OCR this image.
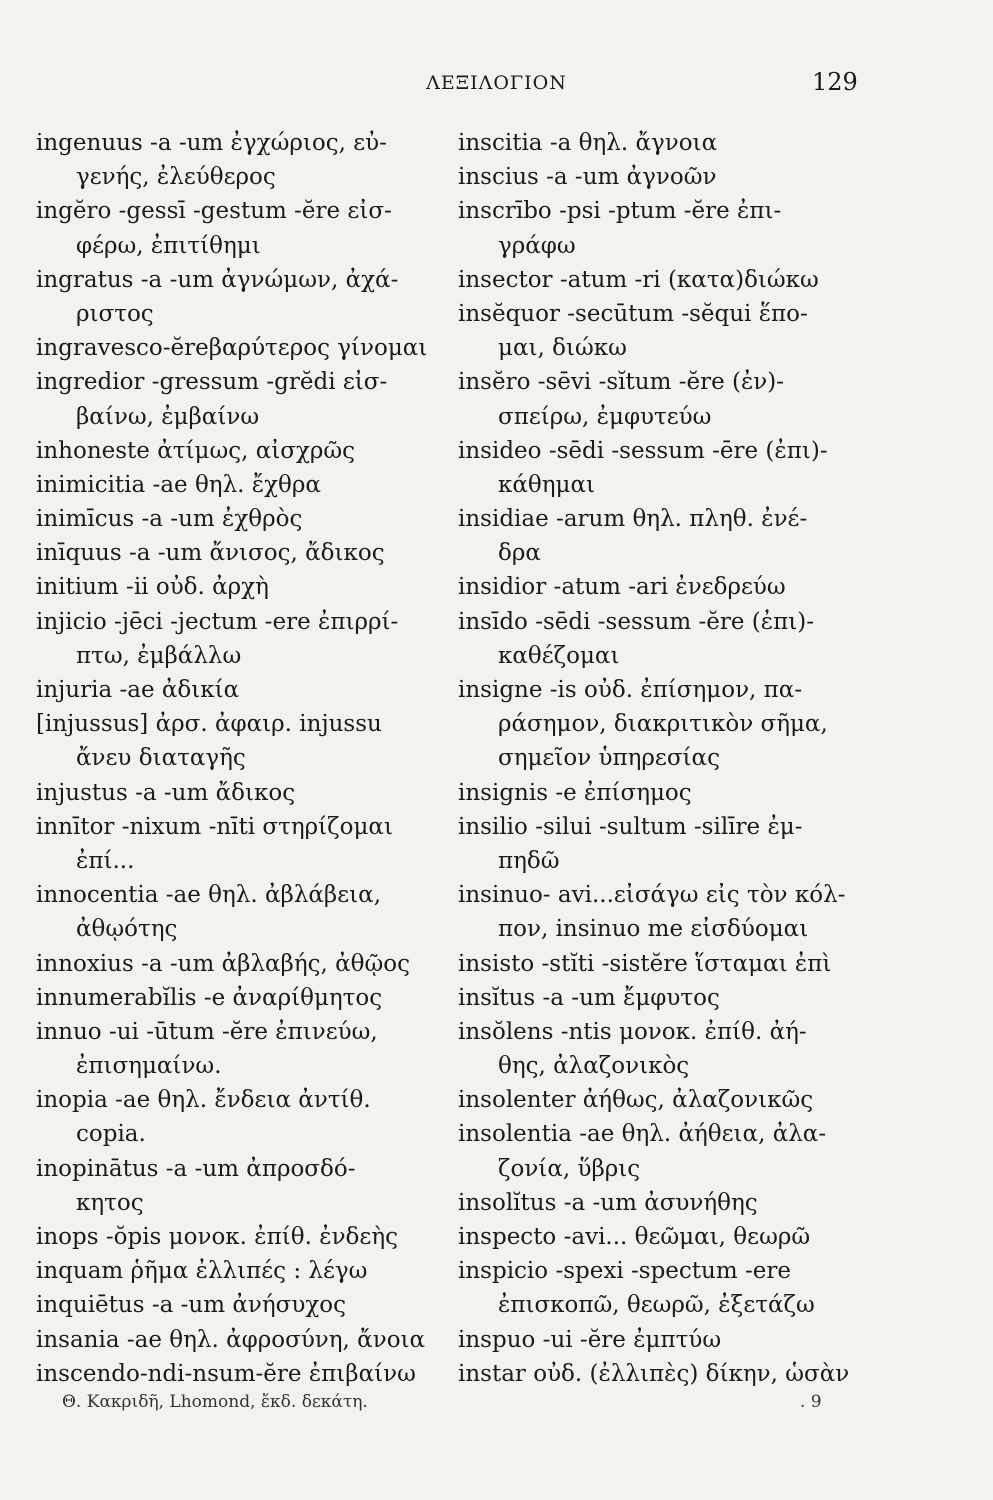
ΛΕΞΙΛΟΓΙΟΝ	129
ingenuus -a -um ἐγχώριος, εὐ-
γενής, ἐλεύθερος
ingĕro -gessī -gestum -ĕre εἰσ-
φέρω, ἐπιτίθημι
ingratus -a -um ἀγνώμων, ἀχά-
ριστος
ingravesco-ĕreβαρύτερος γίνομαι
ingredior -gressum -grĕdi εἰσ-
βαίνω, ἐμβαίνω
inhoneste ἀτίμως, αἰσχρῶς
inimicitia -ae θηλ. ἔχθρα
inimīcus -a -um ἐχθρὸς
inīquus -a -um ἄνισος, ἄδικος
initium -ii οὐδ. ἀρχὴ
injicio -jēci -jectum -ere ἐπιρρί-
πτω, ἐμβάλλω
injuria -ae ἀδικία
[injussus] ἀρσ. ἀφαιρ. injussu
ἄνευ διαταγῆς
injustus -a -um ἄδικος
innītor -nixum -nīti στηρίζομαι
ἐπί...
innocentia -ae θηλ. ἀβλάβεια,
ἀθῳότης
innoxius -a -um ἀβλαβής, ἀθῷος
innumerabĭlis -e ἀναρίθμητος
innuo -ui -ūtum -ĕre ἐπινεύω,
ἐπισημαίνω.
inopia -ae θηλ. ἔνδεια ἀντίθ.
copia.
inopinātus -a -um ἀπροσδό-
κητος
inops -ŏpis μονοκ. ἐπίθ. ἐνδεὴς
inquam ῥῆμα ἐλλιπές : λέγω
inquiētus -a -um ἀνήσυχος
insania -ae θηλ. ἀφροσύνη, ἄνοια
inscendo-ndi-nsum-ĕre ἐπιβαίνω
inscitia -a θηλ. ἄγνοια
inscius -a -um ἀγνοῶν
inscrībo -psi -ptum -ĕre ἐπι-
γράφω
insector -atum -ri (κατα)διώκω
insĕquor -secūtum -sĕqui ἕπο-
μαι, διώκω
insĕro -sēvi -sĭtum -ĕre (ἐν)-
σπείρω, ἐμφυτεύω
insideo -sēdi -sessum -ēre (ἐπι)-
κάθημαι
insidiae -arum θηλ. πληθ. ἐνέ-
δρα
insidior -atum -ari ἐνεδρεύω
insīdo -sēdi -sessum -ĕre (ἐπι)-
καθέζομαι
insigne -is οὐδ. ἐπίσημον, πα-
ράσημον, διακριτικὸν σῆμα,
σημεῖον ὑπηρεσίας
insignis -e ἐπίσημος
insilio -silui -sultum -silīre ἐμ-
πηδῶ
insinuo- avi...εἰσάγω εἰς τὸν κόλ-
πον, insinuo me εἰσδύομαι
insisto -stĭti -sistĕre ἵσταμαι ἐπὶ
insĭtus -a -um ἔμφυτος
insŏlens -ntis μονοκ. ἐπίθ. ἀή-
θης, ἀλαζονικὸς
insolenter ἀήθως, ἀλαζονικῶς
insolentia -ae θηλ. ἀήθεια, ἀλα-
ζονία, ὕβρις
insolĭtus -a -um ἀσυνήθης
inspecto -avi... θεῶμαι, θεωρῶ
inspicio -spexi -spectum -ere
ἐπισκοπῶ, θεωρῶ, ἐξετάζω
inspuo -ui -ĕre ἐμπτύω
instar οὐδ. (ἐλλιπὲς) δίκην, ὡσὰν
Θ. Κακριδῆ, Lhomond, ἔκδ. δεκάτη.	. 9
